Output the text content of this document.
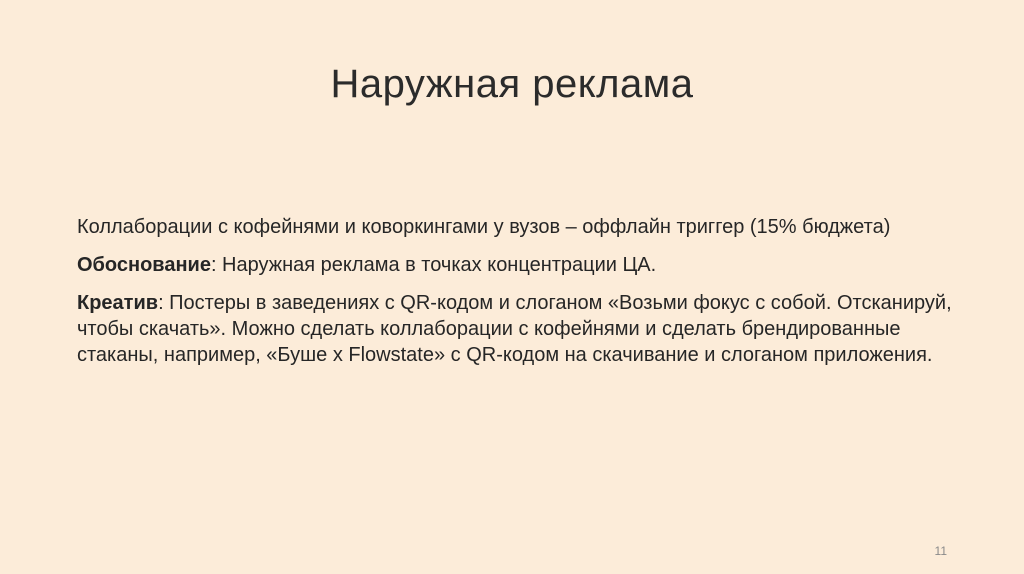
Наружная реклама

Коллаборации с кофейнями и коворкингами у вузов – оффлайн триггер (15% бюджета)

Обоснование: Наружная реклама в точках концентрации ЦА.

Креатив: Постеры в заведениях с QR-кодом и слоганом «Возьми фокус с собой. Отсканируй, чтобы скачать». Можно сделать коллаборации с кофейнями и сделать брендированные стаканы, например, «Буше x Flowstate» с QR-кодом на скачивание и слоганом приложения.

11
